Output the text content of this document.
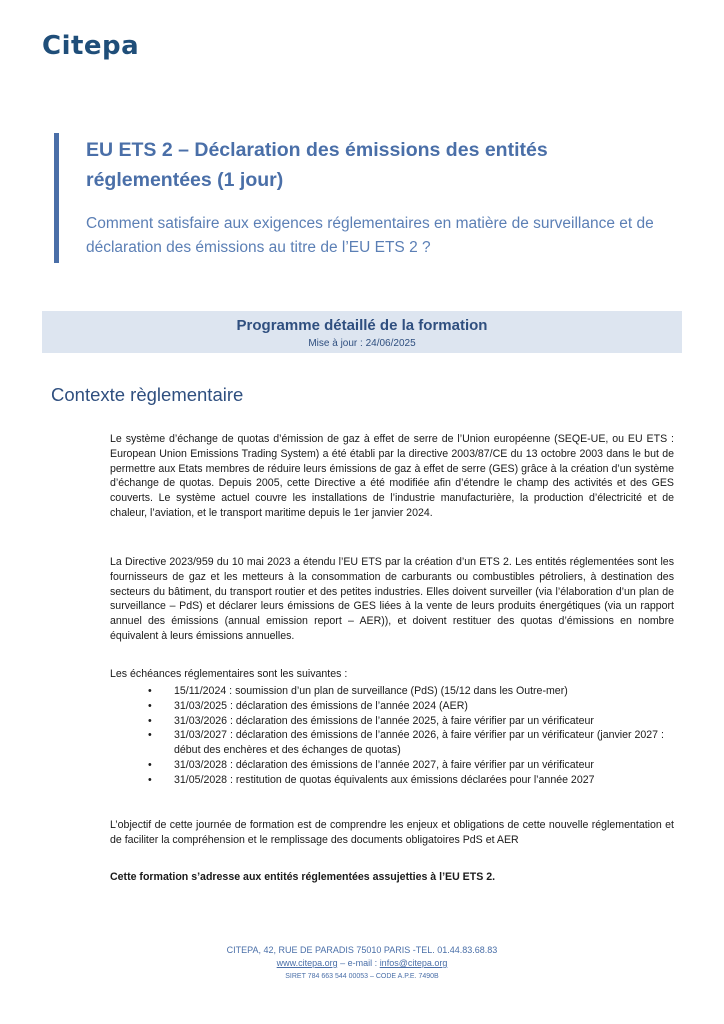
Citepa
EU ETS 2 – Déclaration des émissions des entités réglementées (1 jour)

Comment satisfaire aux exigences réglementaires en matière de surveillance et de déclaration des émissions au titre de l’EU ETS 2 ?

Programme détaillé de la formation
Mise à jour : 24/06/2025
Contexte règlementaire

Le système d’échange de quotas d’émission de gaz à effet de serre de l’Union européenne (SEQE-UE, ou EU ETS : European Union Emissions Trading System) a été établi par la directive 2003/87/CE du 13 octobre 2003 dans le but de permettre aux Etats membres de réduire leurs émissions de gaz à effet de serre (GES) grâce à la création d’un système d’échange de quotas. Depuis 2005, cette Directive a été modifiée afin d’étendre le champ des activités et des GES couverts. Le système actuel couvre les installations de l’industrie manufacturière, la production d’électricité et de chaleur, l’aviation, et le transport maritime depuis le 1er janvier 2024.

La Directive 2023/959 du 10 mai 2023 a étendu l’EU ETS par la création d’un ETS 2. Les entités réglementées sont les fournisseurs de gaz et les metteurs à la consommation de carburants ou combustibles pétroliers, à destination des secteurs du bâtiment, du transport routier et des petites industries. Elles doivent surveiller (via l’élaboration d’un plan de surveillance – PdS) et déclarer leurs émissions de GES liées à la vente de leurs produits énergétiques (via un rapport annuel des émissions (annual emission report – AER)), et doivent restituer des quotas d’émissions en nombre équivalent à leurs émissions annuelles.

Les échéances réglementaires sont les suivantes :

• 15/11/2024 : soumission d’un plan de surveillance (PdS) (15/12 dans les Outre-mer)
• 31/03/2025 : déclaration des émissions de l’année 2024 (AER)
• 31/03/2026 : déclaration des émissions de l’année 2025, à faire vérifier par un vérificateur
• 31/03/2027 : déclaration des émissions de l’année 2026, à faire vérifier par un vérificateur (janvier 2027 : début des enchères et des échanges de quotas)
• 31/03/2028 : déclaration des émissions de l’année 2027, à faire vérifier par un vérificateur
• 31/05/2028 : restitution de quotas équivalents aux émissions déclarées pour l’année 2027

L’objectif de cette journée de formation est de comprendre les enjeux et obligations de cette nouvelle réglementation et de faciliter la compréhension et le remplissage des documents obligatoires PdS et AER

Cette formation s’adresse aux entités réglementées assujetties à l’EU ETS 2.

CITEPA, 42, RUE DE PARADIS 75010 PARIS -TEL. 01.44.83.68.83
www.citepa.org – e-mail : infos@citepa.org
SIRET 784 663 544 00053 – CODE A.P.E. 7490B
